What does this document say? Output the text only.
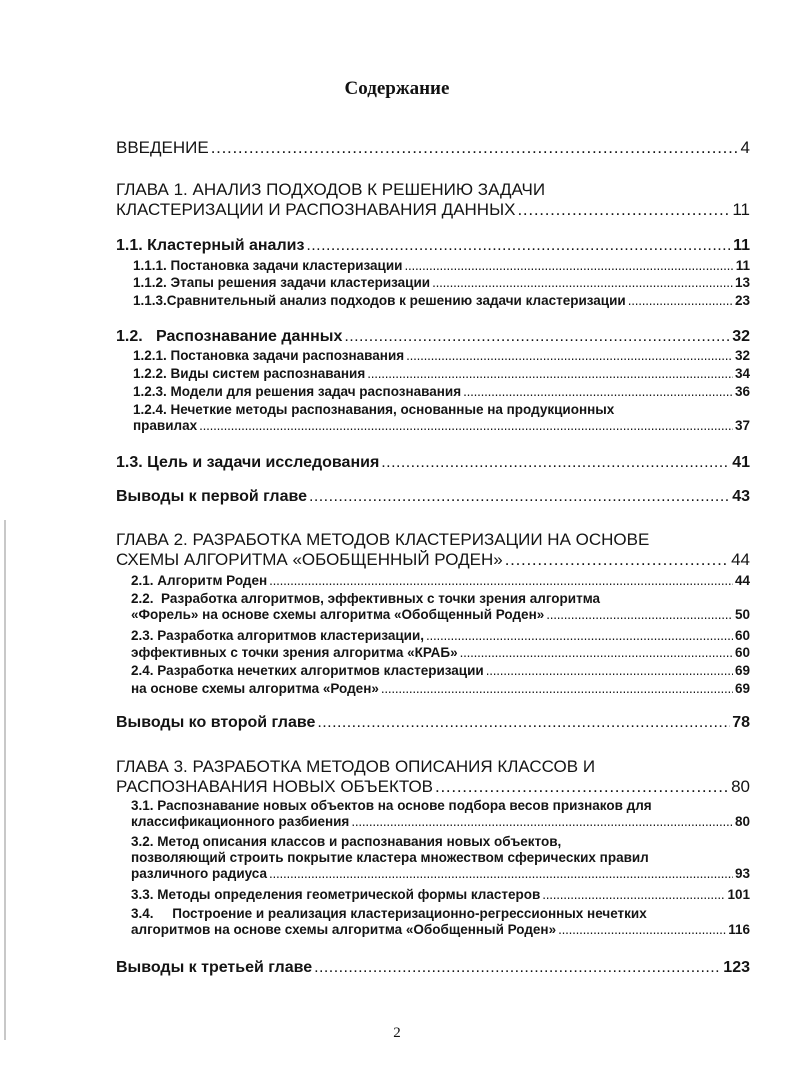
Содержание
ВВЕДЕНИЕ . . .	4
ГЛАВА 1. АНАЛИЗ ПОДХОДОВ К РЕШЕНИЮ ЗАДАЧИ
КЛАСТЕРИЗАЦИИ И РАСПОЗНАВАНИЯ ДАННЫХ . . .	11
1.1. Кластерный анализ . . .	11
1.1.1. Постановка задачи кластеризации . . .	11
1.1.2. Этапы решения задачи кластеризации . . .	13
1.1.3.Сравнительный анализ подходов к решению задачи кластеризации . . .	23
1.2.   Распознавание данных . . .	32
1.2.1. Постановка задачи распознавания . . .	32
1.2.2. Виды систем распознавания . . .	34
1.2.3. Модели для решения задач распознавания . . .	36
1.2.4. Нечеткие методы распознавания, основанные на продукционных
правилах . . .	37
1.3. Цель и задачи исследования . . .	41
Выводы к первой главе . . .	43
ГЛАВА 2. РАЗРАБОТКА МЕТОДОВ КЛАСТЕРИЗАЦИИ НА ОСНОВЕ
СХЕМЫ АЛГОРИТМА «ОБОБЩЕННЫЙ РОДЕН» . . .	44
2.1. Алгоритм Роден . . .	44
2.2.  Разработка алгоритмов, эффективных с точки зрения алгоритма
«Форель» на основе схемы алгоритма «Обобщенный Роден» . . .	50
2.3. Разработка алгоритмов кластеризации, . . .	60
эффективных с точки зрения алгоритма «КРАБ» . . .	60
2.4. Разработка нечетких алгоритмов кластеризации . . .	69
на основе схемы алгоритма «Роден» . . .	69
Выводы ко второй главе . . .	78
ГЛАВА 3. РАЗРАБОТКА МЕТОДОВ ОПИСАНИЯ КЛАССОВ И
РАСПОЗНАВАНИЯ НОВЫХ ОБЪЕКТОВ . . .	80
3.1. Распознавание новых объектов на основе подбора весов признаков для
классификационного разбиения . . .	80
3.2. Метод описания классов и распознавания новых объектов,
позволяющий строить покрытие кластера множеством сферических правил
различного радиуса . . .	93
3.3. Методы определения геометрической формы кластеров . . .	101
3.4.     Построение и реализация кластеризационно-регрессионных нечетких
алгоритмов на основе схемы алгоритма «Обобщенный Роден» . . .	116
Выводы к третьей главе . . .	123
2
